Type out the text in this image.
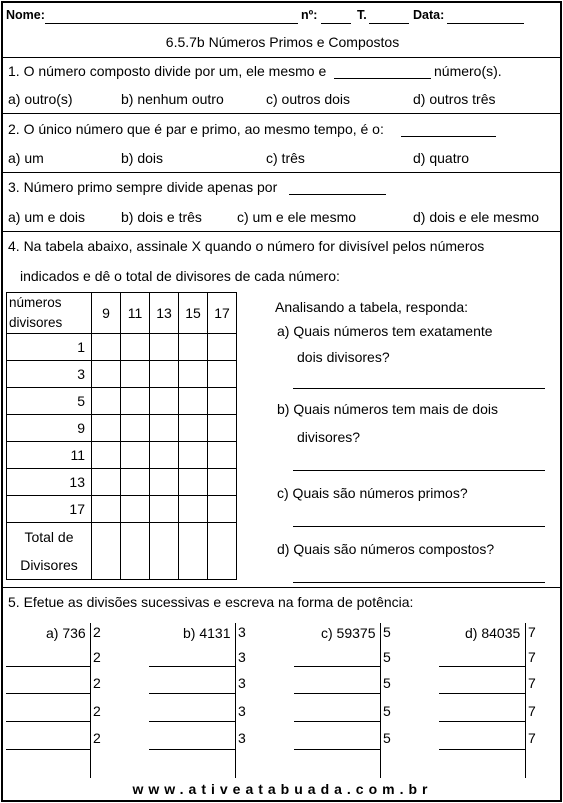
Nome:	nº:	T.	Data:
6.5.7b Números Primos e Compostos
1. O número composto divide por um, ele mesmo e	número(s).
a) outro(s)	b) nenhum outro	c) outros dois	d) outros três
2. O único número que é par e primo, ao mesmo tempo, é o:
a) um	b) dois	c) três	d) quatro
3. Número primo sempre divide apenas por
a) um e dois	b) dois e três	c) um e ele mesmo	d) dois e ele mesmo
4. Na tabela abaixo, assinale X quando o número for divisível pelos números
indicados e dê o total de divisores de cada número:
números
divisores	9	11	13	15	17
1					
3					
5					
9					
11					
13					
17					

Total de
Divisores					

Analisando a tabela, responda:
a) Quais números tem exatamente
dois divisores?
b) Quais números tem mais de dois
divisores?
c) Quais são números primos?
d) Quais são números compostos?
5. Efetue as divisões sucessivas e escreva na forma de potência:
a) 736 2
2
2
2
2
b) 4131 3
3
3
3
3
c) 59375 5
5
5
5
5
d) 84035 7
7
7
7
7
www.ativeatabuada.com.br
